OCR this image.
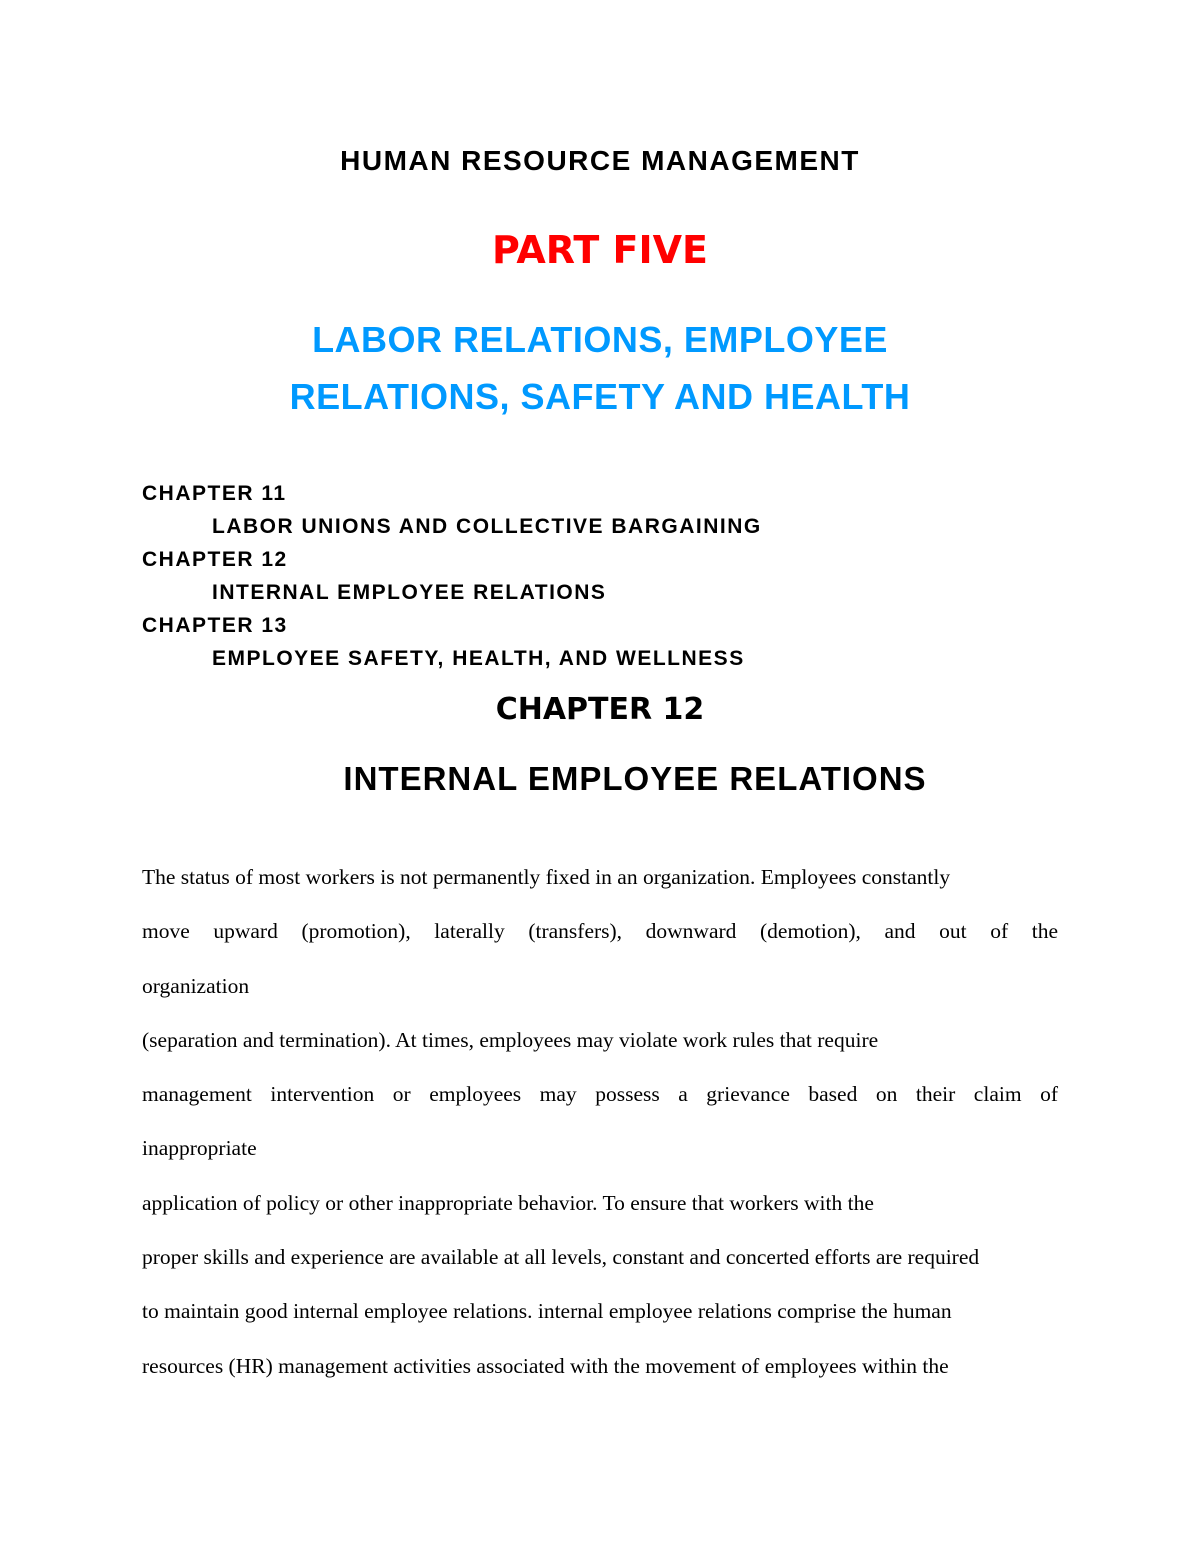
HUMAN RESOURCE MANAGEMENT
PART FIVE
LABOR RELATIONS, EMPLOYEE
RELATIONS, SAFETY AND HEALTH
CHAPTER 11
LABOR UNIONS AND COLLECTIVE BARGAINING
CHAPTER 12
INTERNAL EMPLOYEE RELATIONS
CHAPTER 13
EMPLOYEE SAFETY, HEALTH, AND WELLNESS
CHAPTER 12
INTERNAL EMPLOYEE RELATIONS
The status of most workers is not permanently fixed in an organization. Employees constantly
move upward (promotion), laterally (transfers), downward (demotion), and out of the
organization
(separation and termination). At times, employees may violate work rules that require
management intervention or employees may possess a grievance based on their claim of
inappropriate
application of policy or other inappropriate behavior. To ensure that workers with the
proper skills and experience are available at all levels, constant and concerted efforts are required
to maintain good internal employee relations. internal employee relations comprise the human
resources (HR) management activities associated with the movement of employees within the
